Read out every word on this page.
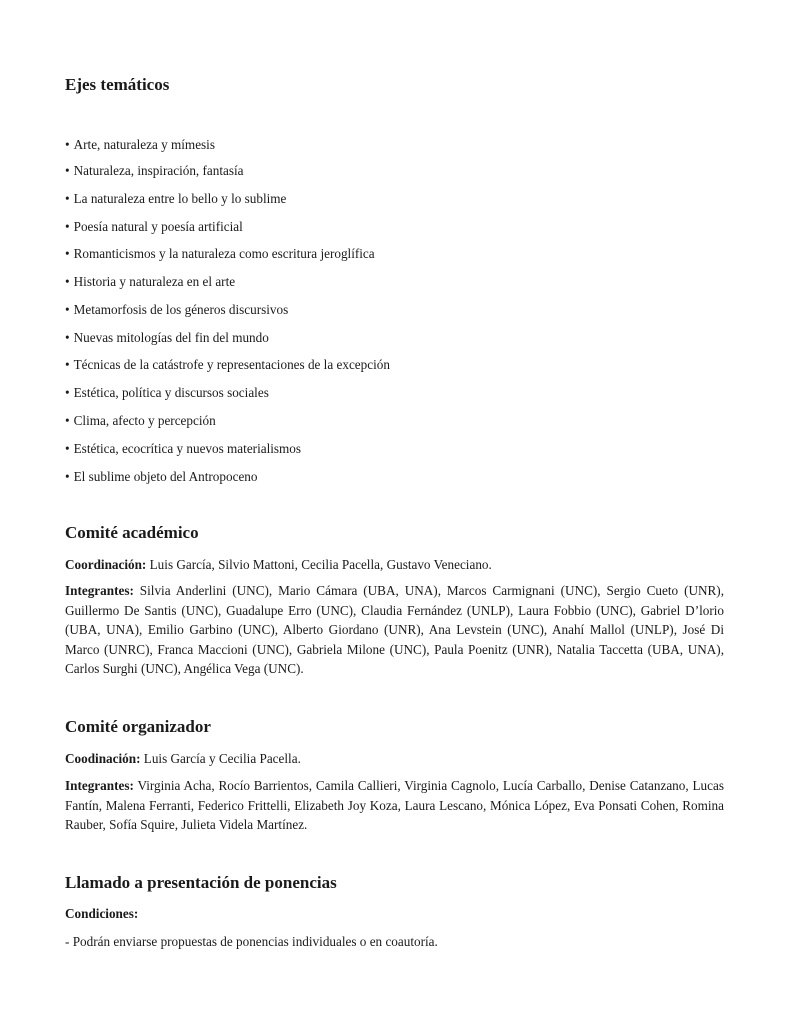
Ejes temáticos
• Arte, naturaleza y mímesis
• Naturaleza, inspiración, fantasía
• La naturaleza entre lo bello y lo sublime
• Poesía natural y poesía artificial
• Romanticismos y la naturaleza como escritura jeroglífica
• Historia y naturaleza en el arte
• Metamorfosis de los géneros discursivos
• Nuevas mitologías del fin del mundo
• Técnicas de la catástrofe y representaciones de la excepción
• Estética, política y discursos sociales
• Clima, afecto y percepción
• Estética, ecocrítica y nuevos materialismos
• El sublime objeto del Antropoceno
Comité académico

Coordinación: Luis García, Silvio Mattoni, Cecilia Pacella, Gustavo Veneciano.

Integrantes: Silvia Anderlini (UNC), Mario Cámara (UBA, UNA), Marcos Carmignani (UNC), Sergio Cueto (UNR), Guillermo De Santis (UNC), Guadalupe Erro (UNC), Claudia Fernández (UNLP), Laura Fobbio (UNC), Gabriel D’lorio (UBA, UNA), Emilio Garbino (UNC), Alberto Giordano (UNR), Ana Levstein (UNC), Anahí Mallol (UNLP), José Di Marco (UNRC), Franca Maccioni (UNC), Gabriela Milone (UNC), Paula Poenitz (UNR), Natalia Taccetta (UBA, UNA), Carlos Surghi (UNC), Angélica Vega (UNC).

Comité organizador

Coodinación: Luis García y Cecilia Pacella.

Integrantes: Virginia Acha, Rocío Barrientos, Camila Callieri, Virginia Cagnolo, Lucía Carballo, Denise Catanzano, Lucas Fantín, Malena Ferranti, Federico Frittelli, Elizabeth Joy Koza, Laura Lescano, Mónica López, Eva Ponsati Cohen, Romina Rauber, Sofía Squire, Julieta Videla Martínez.

Llamado a presentación de ponencias

Condiciones:

- Podrán enviarse propuestas de ponencias individuales o en coautoría.
